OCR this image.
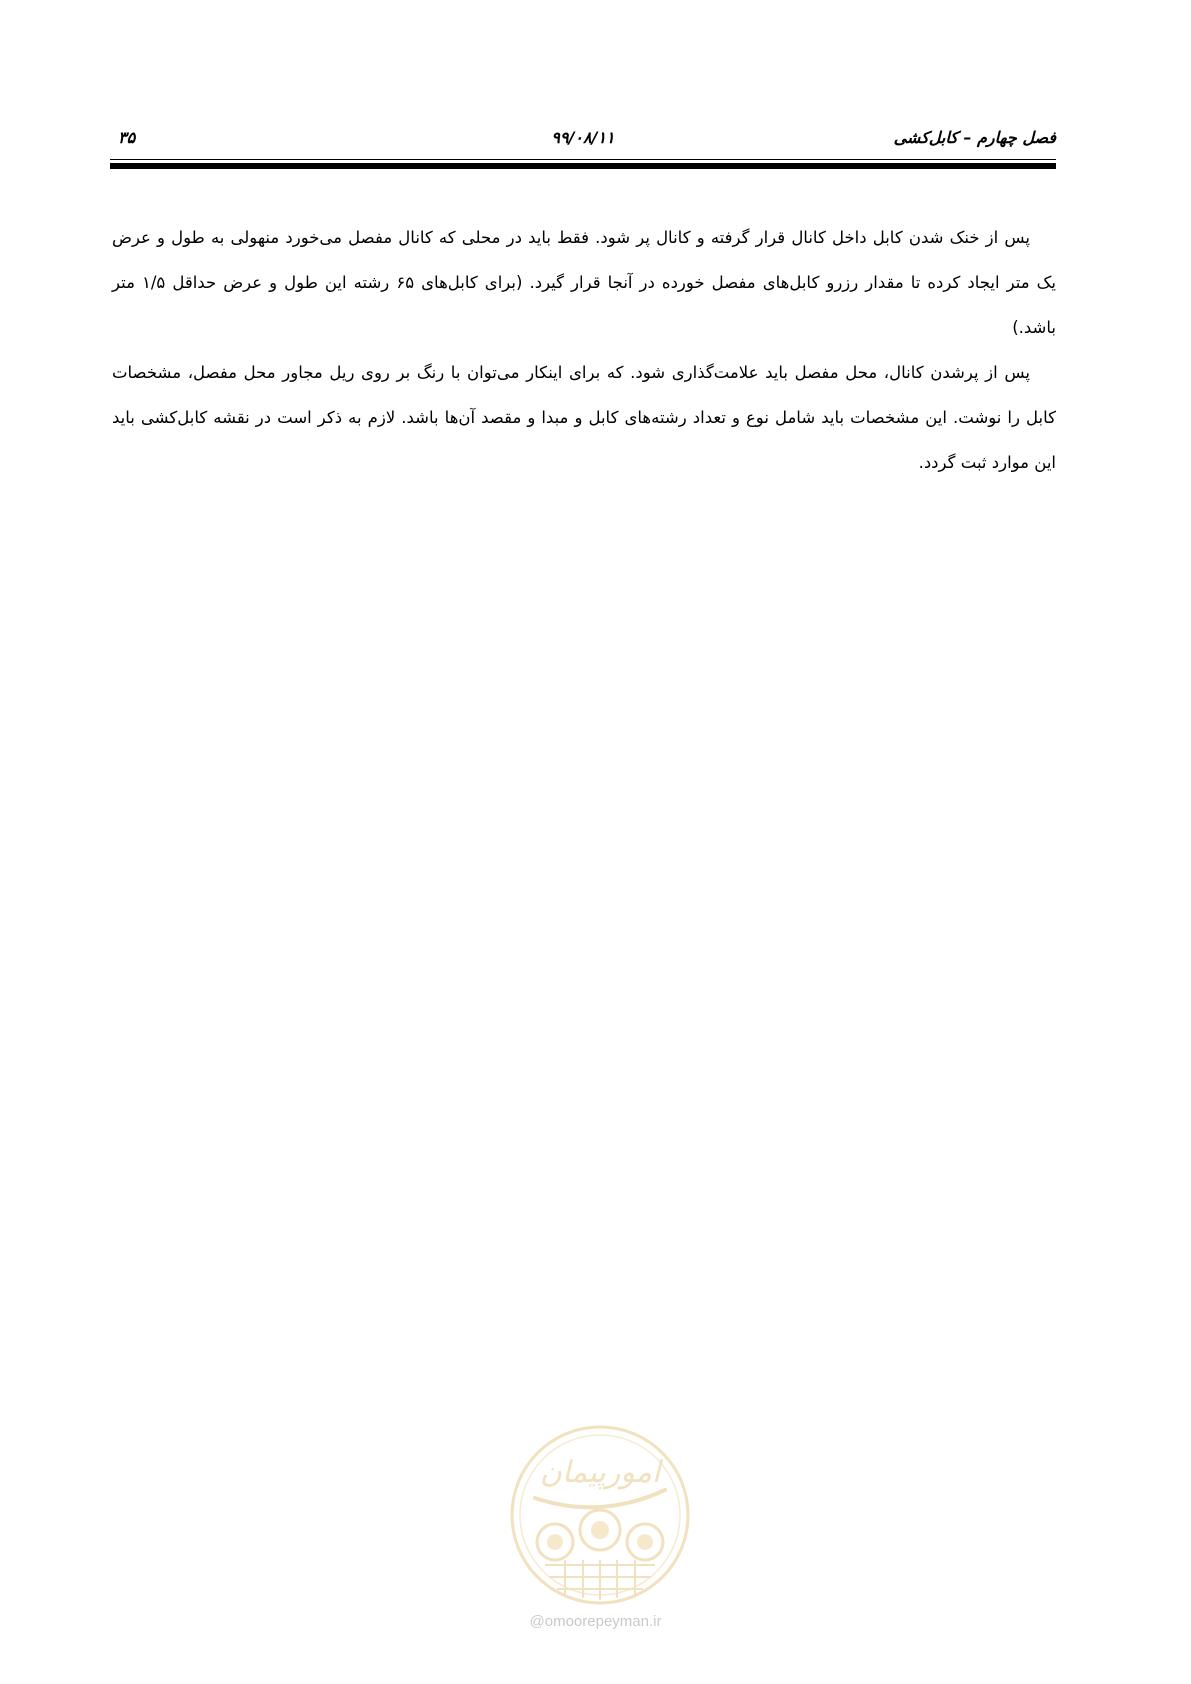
فصل چهارم – کابل‌کشی
۹۹/۰۸/۱۱
۳۵

پس از خنک شدن کابل داخل کانال قرار گرفته و کانال پر شود. فقط باید در محلی که کانال مفصل می‌خورد منهولی به طول و عرض یک متر ایجاد کرده تا مقدار رزرو کابل‌های مفصل خورده در آنجا قرار گیرد. (برای کابل‌های ۶۵ رشته این طول و عرض حداقل ۱/۵ متر باشد.)

پس از پرشدن کانال، محل مفصل باید علامت‌گذاری شود. که برای اینکار می‌توان با رنگ بر روی ریل مجاور محل مفصل، مشخصات کابل را نوشت. این مشخصات باید شامل نوع و تعداد رشته‌های کابل و مبدا و مقصد آن‌ها باشد. لازم به ذکر است در نقشه کابل‌کشی باید این موارد ثبت گردد.

امورپیمان
@omoorepeyman.ir
